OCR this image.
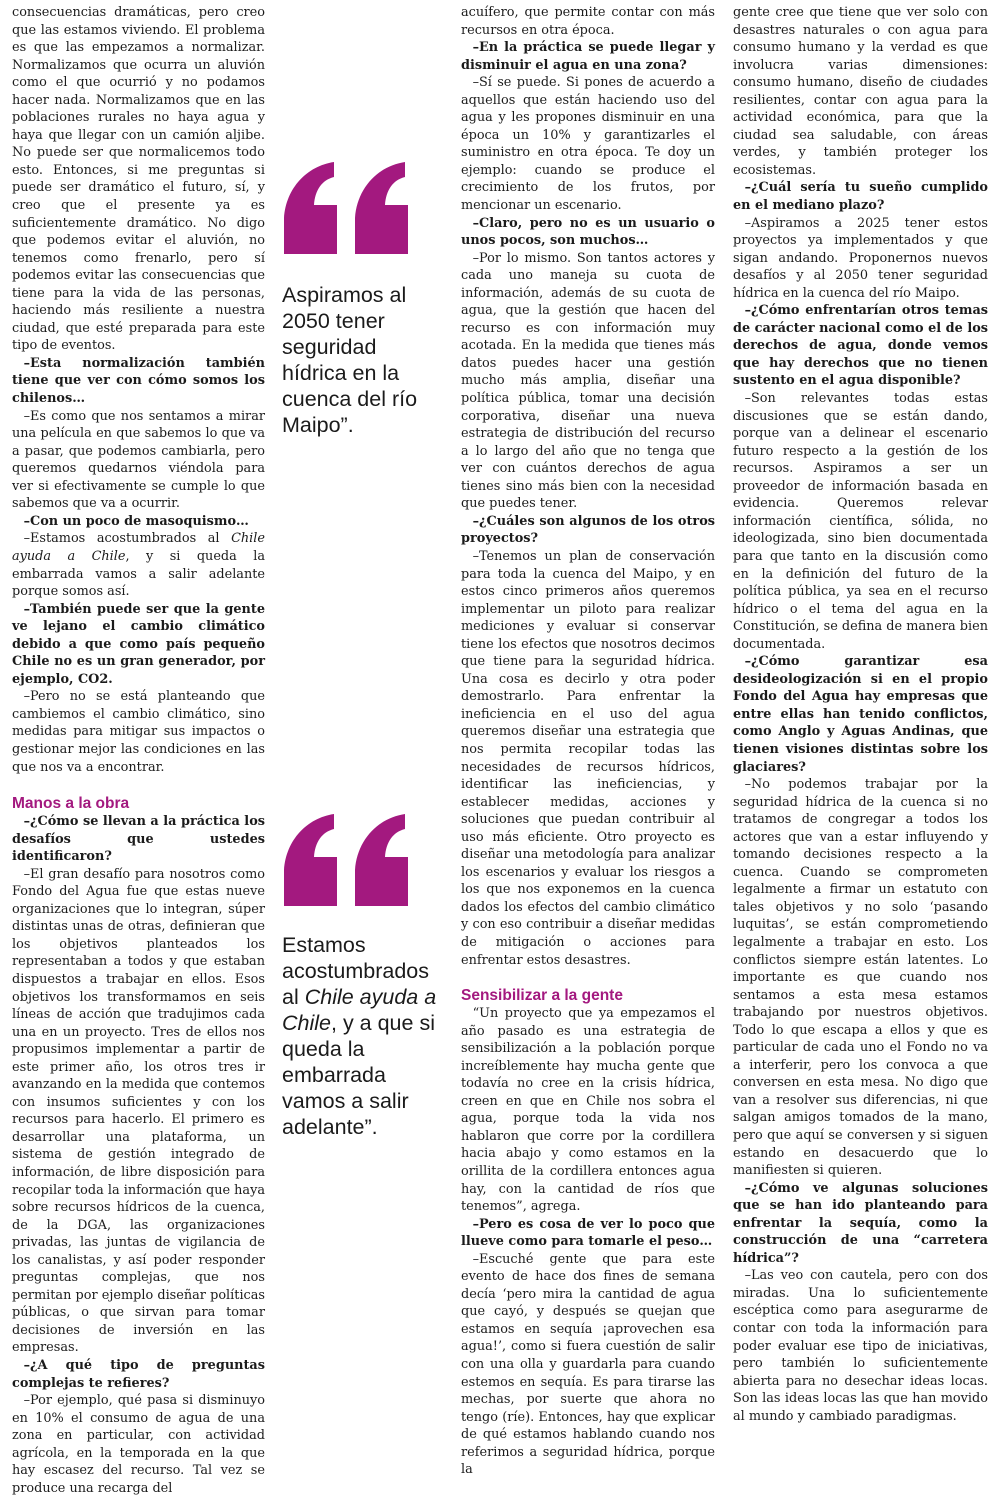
consecuencias dramáticas, pero creo que las estamos viviendo. El problema es que las empezamos a normalizar. Normalizamos que ocurra un aluvión como el que ocurrió y no podamos hacer nada. Normalizamos que en las poblaciones rurales no haya agua y haya que llegar con un camión aljibe. No puede ser que normalicemos todo esto. Entonces, si me preguntas si puede ser dramático el futuro, sí, y creo que el presente ya es suficientemente dramático. No digo que podemos evitar el aluvión, no tenemos como frenarlo, pero sí podemos evitar las consecuencias que tiene para la vida de las personas, haciendo más resiliente a nuestra ciudad, que esté preparada para este tipo de eventos.

–Esta normalización también tiene que ver con cómo somos los chilenos…

–Es como que nos sentamos a mirar una película en que sabemos lo que va a pasar, que podemos cambiarla, pero queremos quedarnos viéndola para ver si efectivamente se cumple lo que sabemos que va a ocurrir.

–Con un poco de masoquismo…

–Estamos acostumbrados al Chile ayuda a Chile, y si queda la embarrada vamos a salir adelante porque somos así.

–También puede ser que la gente ve lejano el cambio climático debido a que como país pequeño Chile no es un gran generador, por ejemplo, CO2.

–Pero no se está planteando que cambiemos el cambio climático, sino medidas para mitigar sus impactos o gestionar mejor las condiciones en las que nos va a encontrar.

Manos a la obra

–¿Cómo se llevan a la práctica los desafíos que ustedes identificaron?

–El gran desafío para nosotros como Fondo del Agua fue que estas nueve organizaciones que lo integran, súper distintas unas de otras, definieran que los objetivos planteados los representaban a todos y que estaban dispuestos a trabajar en ellos. Esos objetivos los transformamos en seis líneas de acción que tradujimos cada una en un proyecto. Tres de ellos nos propusimos implementar a partir de este primer año, los otros tres ir avanzando en la medida que contemos con insumos suficientes y con los recursos para hacerlo. El primero es desarrollar una plataforma, un sistema de gestión integrado de información, de libre disposición para recopilar toda la información que haya sobre recursos hídricos de la cuenca, de la DGA, las organizaciones privadas, las juntas de vigilancia de los canalistas, y así poder responder preguntas complejas, que nos permitan por ejemplo diseñar políticas públicas, o que sirvan para tomar decisiones de inversión en las empresas.

–¿A qué tipo de preguntas complejas te refieres?

–Por ejemplo, qué pasa si disminuyo en 10% el consumo de agua de una zona en particular, con actividad agrícola, en la temporada en la que hay escasez del recurso. Tal vez se produce una recarga del

Aspiramos al 2050 tener seguridad hídrica en la cuenca del río Maipo”.

Estamos acostumbrados al Chile ayuda a Chile, y a que si queda la embarrada vamos a salir adelante”.

acuífero, que permite contar con más recursos en otra época.

–En la práctica se puede llegar y disminuir el agua en una zona?

–Sí se puede. Si pones de acuerdo a aquellos que están haciendo uso del agua y les propones disminuir en una época un 10% y garantizarles el suministro en otra época. Te doy un ejemplo: cuando se produce el crecimiento de los frutos, por mencionar un escenario.

–Claro, pero no es un usuario o unos pocos, son muchos…

–Por lo mismo. Son tantos actores y cada uno maneja su cuota de información, además de su cuota de agua, que la gestión que hacen del recurso es con información muy acotada. En la medida que tienes más datos puedes hacer una gestión mucho más amplia, diseñar una política pública, tomar una decisión corporativa, diseñar una nueva estrategia de distribución del recurso a lo largo del año que no tenga que ver con cuántos derechos de agua tienes sino más bien con la necesidad que puedes tener.

–¿Cuáles son algunos de los otros proyectos?

–Tenemos un plan de conservación para toda la cuenca del Maipo, y en estos cinco primeros años queremos implementar un piloto para realizar mediciones y evaluar si conservar tiene los efectos que nosotros decimos que tiene para la seguridad hídrica. Una cosa es decirlo y otra poder demostrarlo. Para enfrentar la ineficiencia en el uso del agua queremos diseñar una estrategia que nos permita recopilar todas las necesidades de recursos hídricos, identificar las ineficiencias, y establecer medidas, acciones y soluciones que puedan contribuir al uso más eficiente. Otro proyecto es diseñar una metodología para analizar los escenarios y evaluar los riesgos a los que nos exponemos en la cuenca dados los efectos del cambio climático y con eso contribuir a diseñar medidas de mitigación o acciones para enfrentar estos desastres.

Sensibilizar a la gente

“Un proyecto que ya empezamos el año pasado es una estrategia de sensibilización a la población porque increíblemente hay mucha gente que todavía no cree en la crisis hídrica, creen en que en Chile nos sobra el agua, porque toda la vida nos hablaron que corre por la cordillera hacia abajo y como estamos en la orillita de la cordillera entonces agua hay, con la cantidad de ríos que tenemos”, agrega.

–Pero es cosa de ver lo poco que llueve como para tomarle el peso…

–Escuché gente que para este evento de hace dos fines de semana decía ‘pero mira la cantidad de agua que cayó, y después se quejan que estamos en sequía ¡aprovechen esa agua!’, como si fuera cuestión de salir con una olla y guardarla para cuando estemos en sequía. Es para tirarse las mechas, por suerte que ahora no tengo (ríe). Entonces, hay que explicar de qué estamos hablando cuando nos referimos a seguridad hídrica, porque la

gente cree que tiene que ver solo con desastres naturales o con agua para consumo humano y la verdad es que involucra varias dimensiones: consumo humano, diseño de ciudades resilientes, contar con agua para la actividad económica, para que la ciudad sea saludable, con áreas verdes, y también proteger los ecosistemas.

–¿Cuál sería tu sueño cumplido en el mediano plazo?

–Aspiramos a 2025 tener estos proyectos ya implementados y que sigan andando. Proponernos nuevos desafíos y al 2050 tener seguridad hídrica en la cuenca del río Maipo.

–¿Cómo enfrentarían otros temas de carácter nacional como el de los derechos de agua, donde vemos que hay derechos que no tienen sustento en el agua disponible?

–Son relevantes todas estas discusiones que se están dando, porque van a delinear el escenario futuro respecto a la gestión de los recursos. Aspiramos a ser un proveedor de información basada en evidencia. Queremos relevar información científica, sólida, no ideologizada, sino bien documentada para que tanto en la discusión como en la definición del futuro de la política pública, ya sea en el recurso hídrico o el tema del agua en la Constitución, se defina de manera bien documentada.

–¿Cómo garantizar esa desideologización si en el propio Fondo del Agua hay empresas que entre ellas han tenido conflictos, como Anglo y Aguas Andinas, que tienen visiones distintas sobre los glaciares?

–No podemos trabajar por la seguridad hídrica de la cuenca si no tratamos de congregar a todos los actores que van a estar influyendo y tomando decisiones respecto a la cuenca. Cuando se comprometen legalmente a firmar un estatuto con tales objetivos y no solo ‘pasando luquitas’, se están comprometiendo legalmente a trabajar en esto. Los conflictos siempre están latentes. Lo importante es que cuando nos sentamos a esta mesa estamos trabajando por nuestros objetivos. Todo lo que escapa a ellos y que es particular de cada uno el Fondo no va a interferir, pero los convoca a que conversen en esta mesa. No digo que van a resolver sus diferencias, ni que salgan amigos tomados de la mano, pero que aquí se conversen y si siguen estando en desacuerdo que lo manifiesten si quieren.

–¿Cómo ve algunas soluciones que se han ido planteando para enfrentar la sequía, como la construcción de una “carretera hídrica”?

–Las veo con cautela, pero con dos miradas. Una lo suficientemente escéptica como para asegurarme de contar con toda la información para poder evaluar ese tipo de iniciativas, pero también lo suficientemente abierta para no desechar ideas locas. Son las ideas locas las que han movido al mundo y cambiado paradigmas.
